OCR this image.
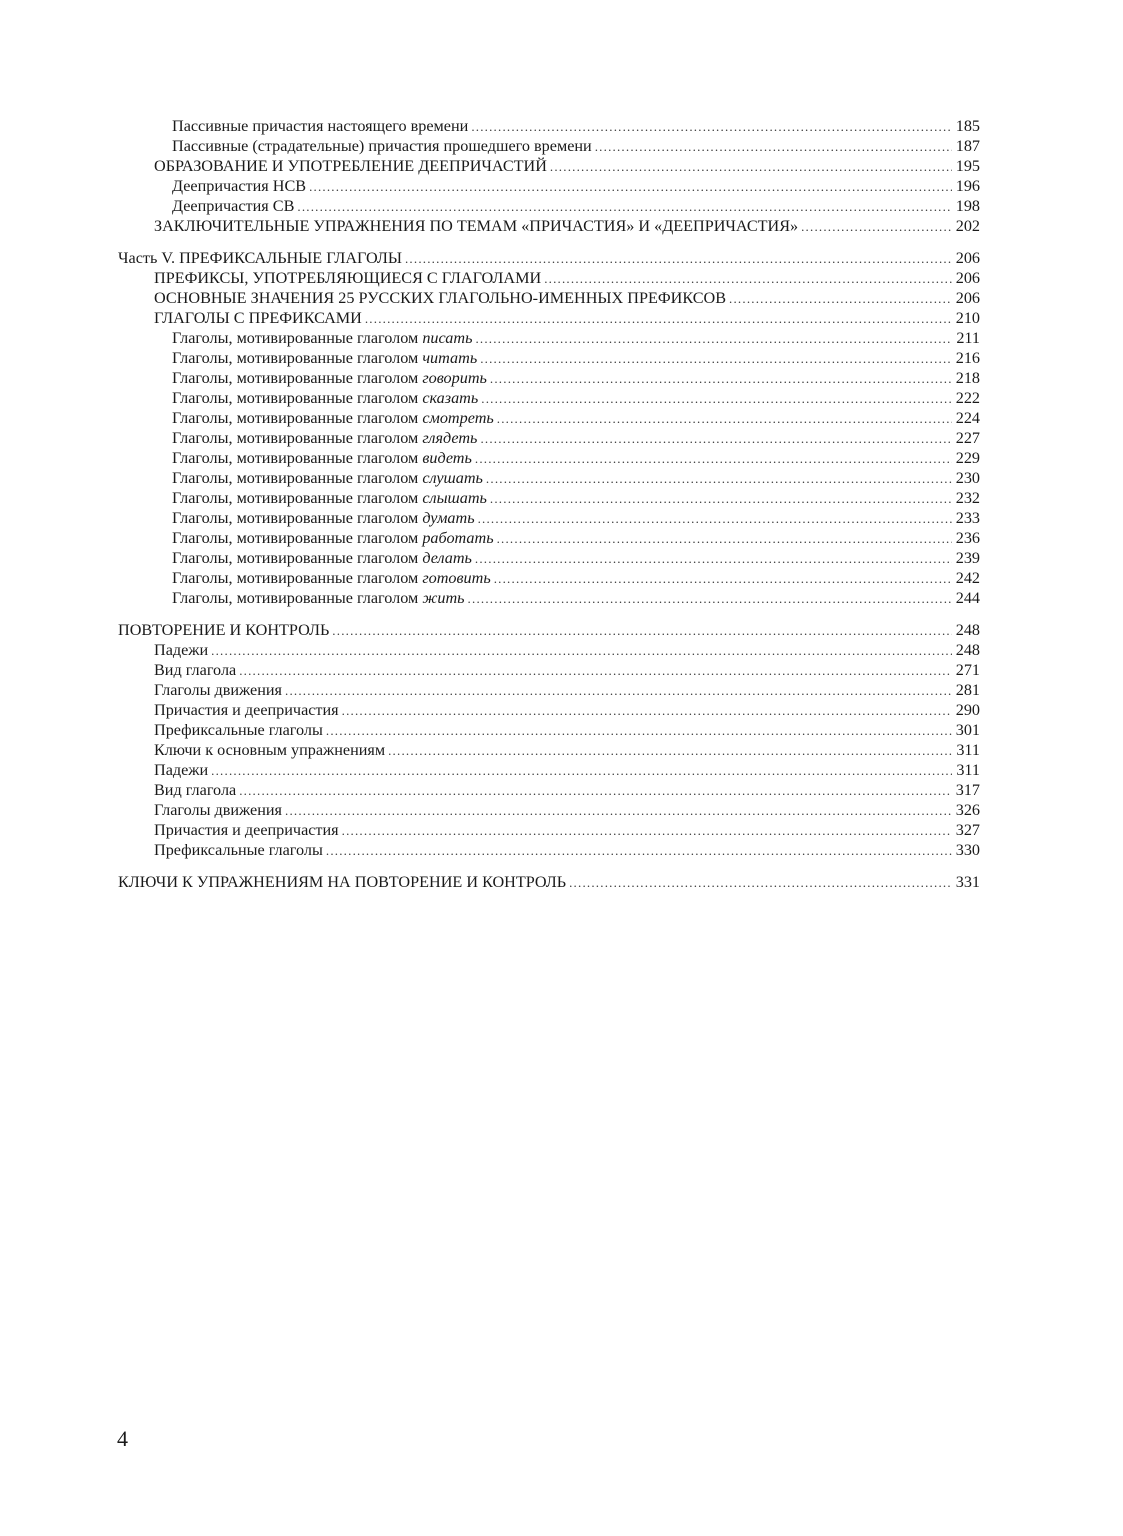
Пассивные причастия настоящего времени .....	185
Пассивные (страдательные) причастия прошедшего времени .....	187
ОБРАЗОВАНИЕ И УПОТРЕБЛЕНИЕ ДЕЕПРИЧАСТИЙ .....	195
Деепричастия НСВ .....	196
Деепричастия СВ .....	198
ЗАКЛЮЧИТЕЛЬНЫЕ УПРАЖНЕНИЯ ПО ТЕМАМ «ПРИЧАСТИЯ» И «ДЕЕПРИЧАСТИЯ» .....	202
Часть V. ПРЕФИКСАЛЬНЫЕ ГЛАГОЛЫ .....	206
ПРЕФИКСЫ, УПОТРЕБЛЯЮЩИЕСЯ С ГЛАГОЛАМИ .....	206
ОСНОВНЫЕ ЗНАЧЕНИЯ 25 РУССКИХ ГЛАГОЛЬНО-ИМЕННЫХ ПРЕФИКСОВ .....	206
ГЛАГОЛЫ С ПРЕФИКСАМИ .....	210
Глаголы, мотивированные глаголом писать .....	211
Глаголы, мотивированные глаголом читать .....	216
Глаголы, мотивированные глаголом говорить .....	218
Глаголы, мотивированные глаголом сказать .....	222
Глаголы, мотивированные глаголом смотреть .....	224
Глаголы, мотивированные глаголом глядеть .....	227
Глаголы, мотивированные глаголом видеть .....	229
Глаголы, мотивированные глаголом слушать .....	230
Глаголы, мотивированные глаголом слышать .....	232
Глаголы, мотивированные глаголом думать .....	233
Глаголы, мотивированные глаголом работать .....	236
Глаголы, мотивированные глаголом делать .....	239
Глаголы, мотивированные глаголом готовить .....	242
Глаголы, мотивированные глаголом жить .....	244
ПОВТОРЕНИЕ И КОНТРОЛЬ .....	248
Падежи .....	248
Вид глагола .....	271
Глаголы движения .....	281
Причастия и деепричастия .....	290
Префиксальные глаголы .....	301
Ключи к основным упражнениям .....	311
Падежи .....	311
Вид глагола .....	317
Глаголы движения .....	326
Причастия и деепричастия .....	327
Префиксальные глаголы .....	330
КЛЮЧИ К УПРАЖНЕНИЯМ НА ПОВТОРЕНИЕ И КОНТРОЛЬ .....	331
4
